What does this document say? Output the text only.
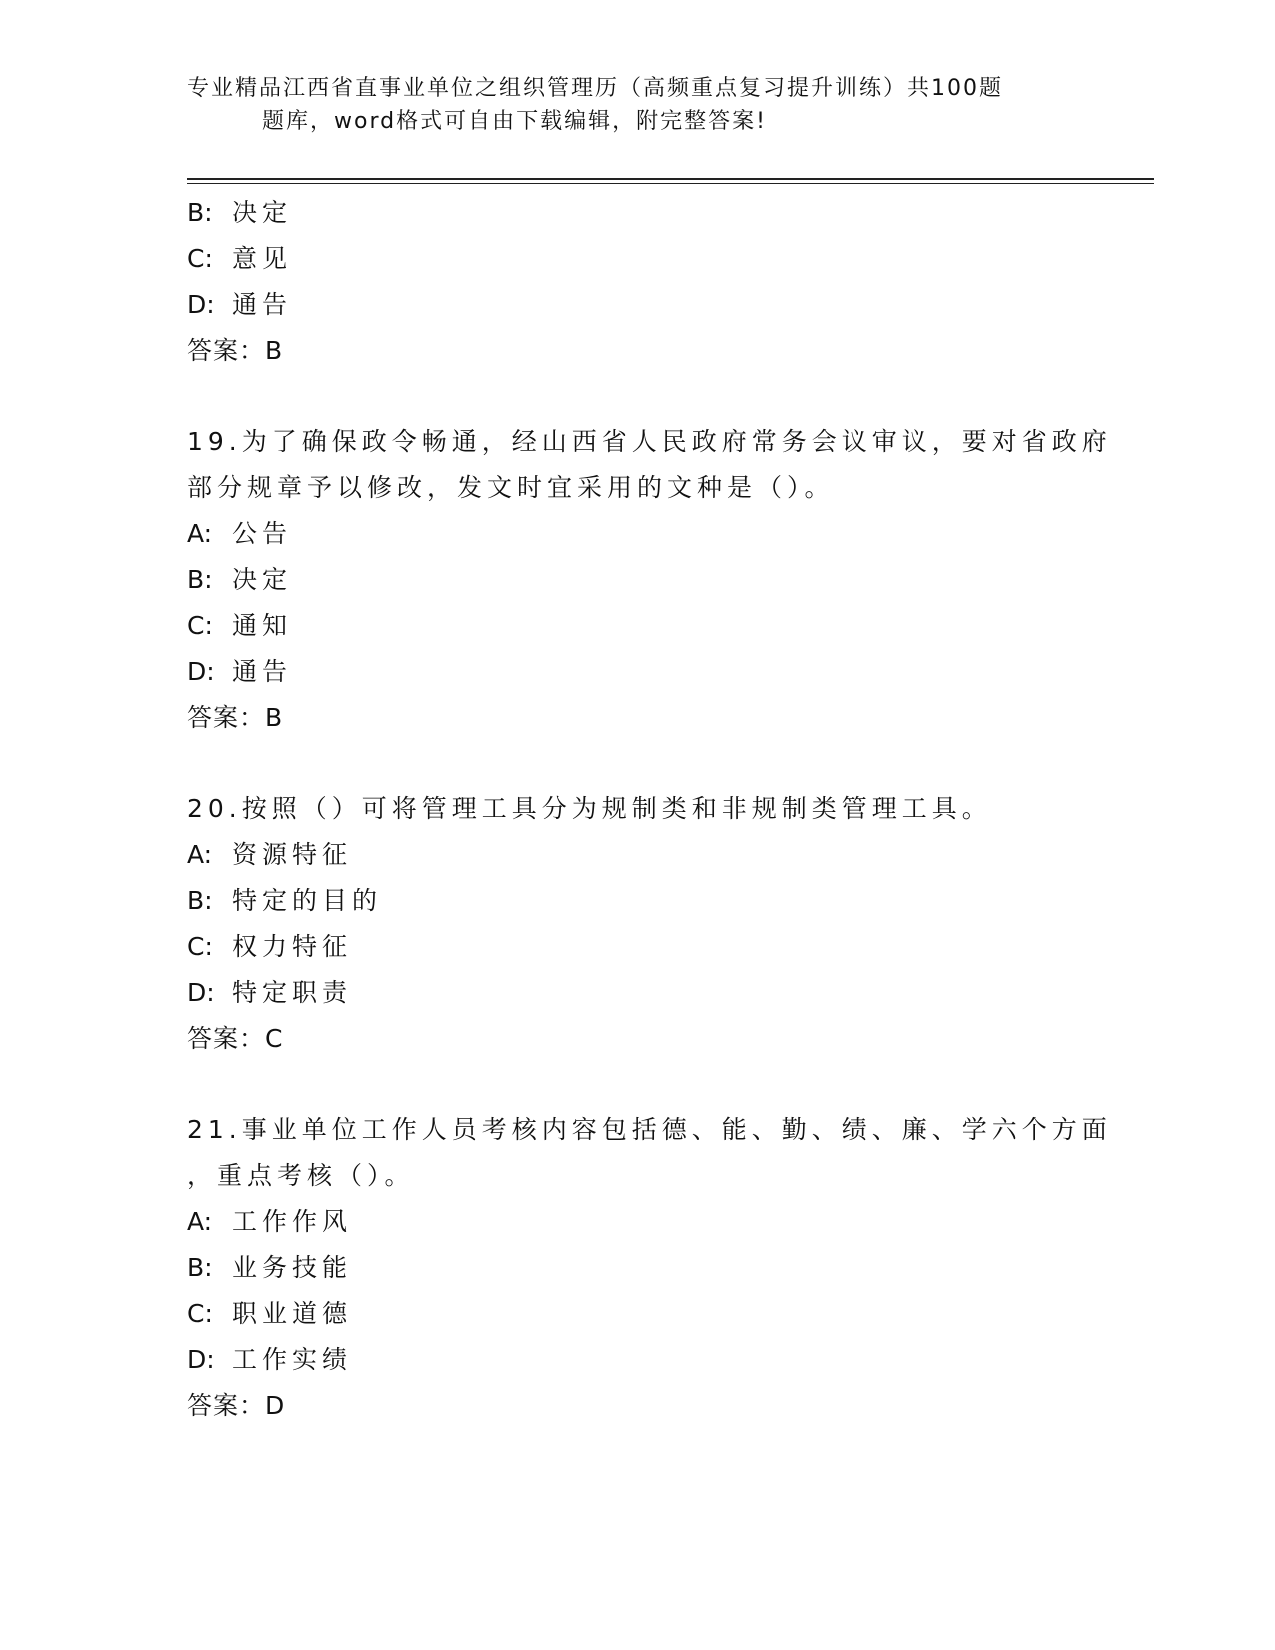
专业精品江西省直事业单位之组织管理历（高频重点复习提升训练）共100题
题库，word格式可自由下载编辑，附完整答案!
B: 决定
C: 意见
D: 通告
答案：B
19.为了确保政令畅通，经山西省人民政府常务会议审议，要对省政府
部分规章予以修改，发文时宜采用的文种是（）。
A: 公告
B: 决定
C: 通知
D: 通告
答案：B
20.按照（）可将管理工具分为规制类和非规制类管理工具。
A: 资源特征
B: 特定的目的
C: 权力特征
D: 特定职责
答案：C
21.事业单位工作人员考核内容包括德、能、勤、绩、廉、学六个方面
，重点考核（）。
A: 工作作风
B: 业务技能
C: 职业道德
D: 工作实绩
答案：D
